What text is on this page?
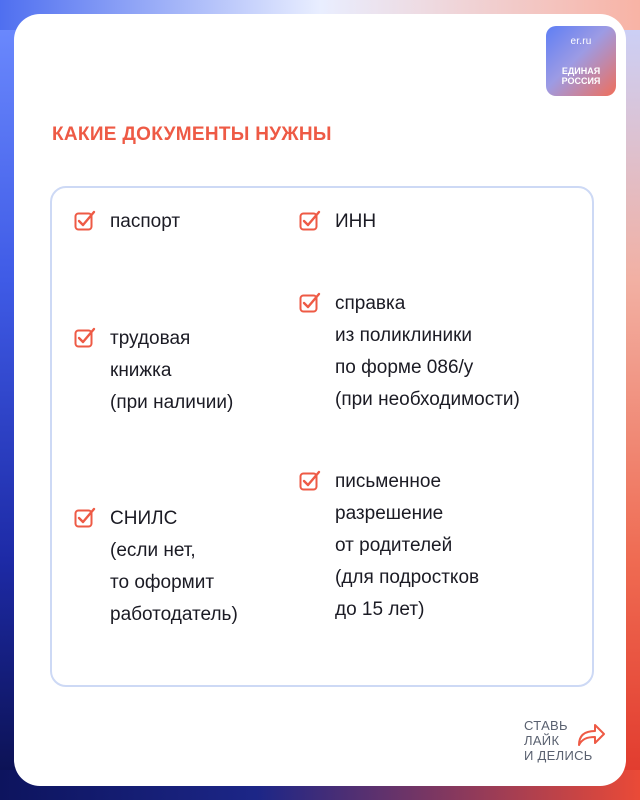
er.ru
ЕДИНАЯ
РОССИЯ
КАКИЕ ДОКУМЕНТЫ НУЖНЫ
паспорт
трудовая
книжка
(при наличии)
СНИЛС
(если нет,
то оформит
работодатель)
ИНН
справка
из поликлиники
по форме 086/у
(при необходимости)
письменное
разрешение
от родителей
(для подростков
до 15 лет)
СТАВЬ
ЛАЙК
И ДЕЛИСЬ
